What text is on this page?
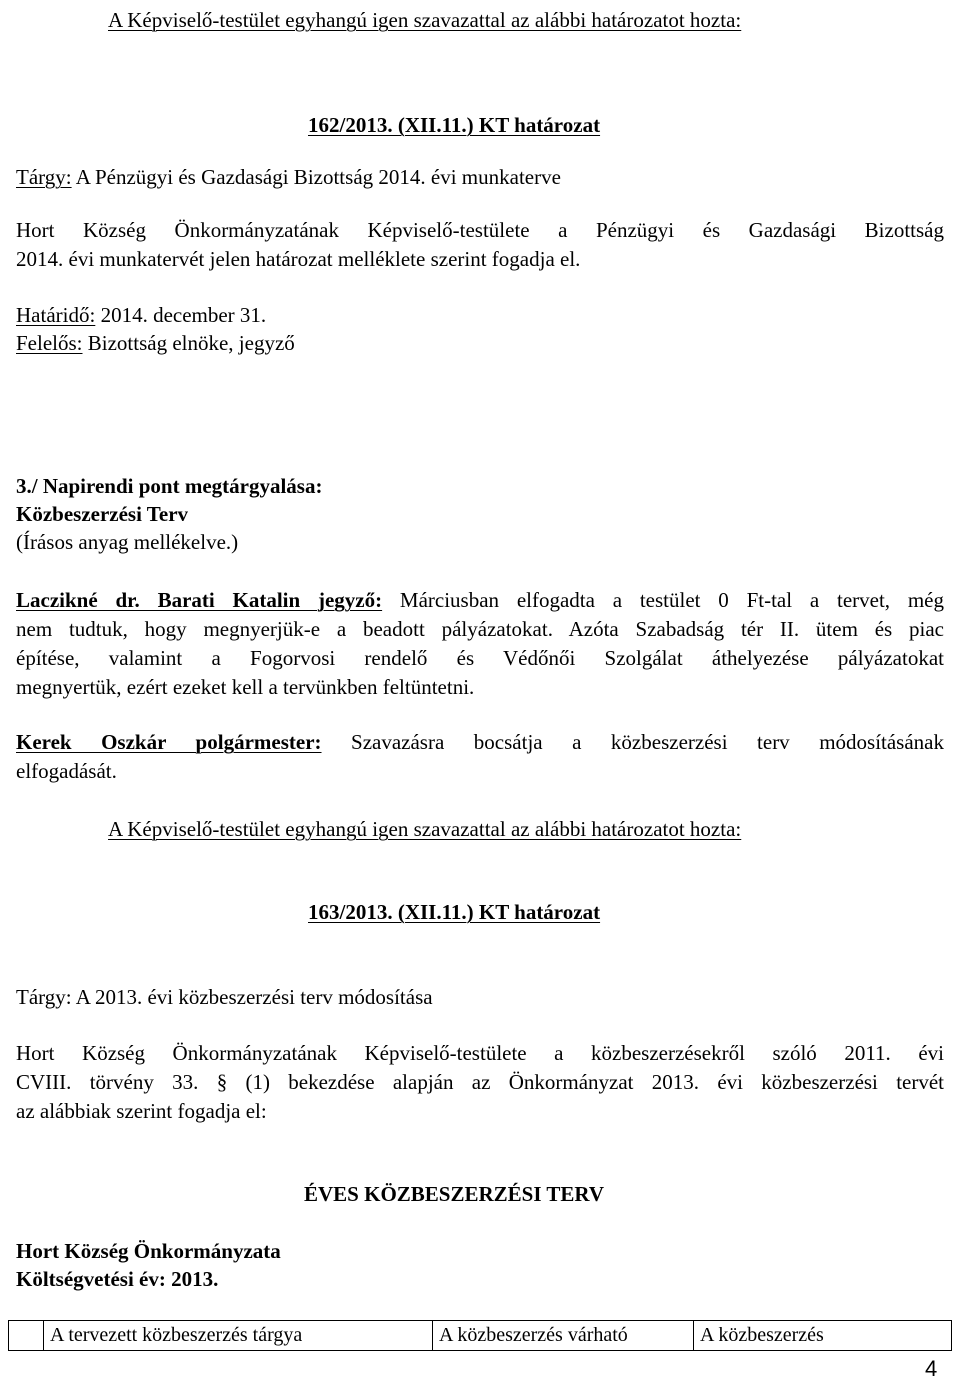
A Képviselő-testület egyhangú igen szavazattal az alábbi határozatot hozta:
162/2013. (XII.11.) KT határozat
Tárgy: A Pénzügyi és Gazdasági Bizottság 2014. évi munkaterve
Hort Község Önkormányzatának Képviselő-testülete a Pénzügyi és Gazdasági Bizottság
2014. évi munkatervét jelen határozat melléklete szerint fogadja el.
Határidő: 2014. december 31.
Felelős: Bizottság elnöke, jegyző
3./ Napirendi pont megtárgyalása:
Közbeszerzési Terv
(Írásos anyag mellékelve.)
Laczikné dr. Barati Katalin jegyző: Márciusban elfogadta a testület 0 Ft-tal a tervet, még
nem tudtuk, hogy megnyerjük-e a beadott pályázatokat. Azóta Szabadság tér II. ütem és piac
építése, valamint a Fogorvosi rendelő és Védőnői Szolgálat áthelyezése pályázatokat
megnyertük, ezért ezeket kell a tervünkben feltüntetni.
Kerek Oszkár polgármester: Szavazásra bocsátja a közbeszerzési terv módosításának
elfogadását.
A Képviselő-testület egyhangú igen szavazattal az alábbi határozatot hozta:
163/2013. (XII.11.) KT határozat
Tárgy: A 2013. évi közbeszerzési terv módosítása
Hort Község Önkormányzatának Képviselő-testülete a közbeszerzésekről szóló 2011. évi
CVIII. törvény 33. § (1) bekezdése alapján az Önkormányzat 2013. évi közbeszerzési tervét
az alábbiak szerint fogadja el:
ÉVES KÖZBESZERZÉSI TERV
Hort Község Önkormányzata
Költségvetési év: 2013.
	A tervezett közbeszerzés tárgya	A közbeszerzés várható	A közbeszerzés
4
